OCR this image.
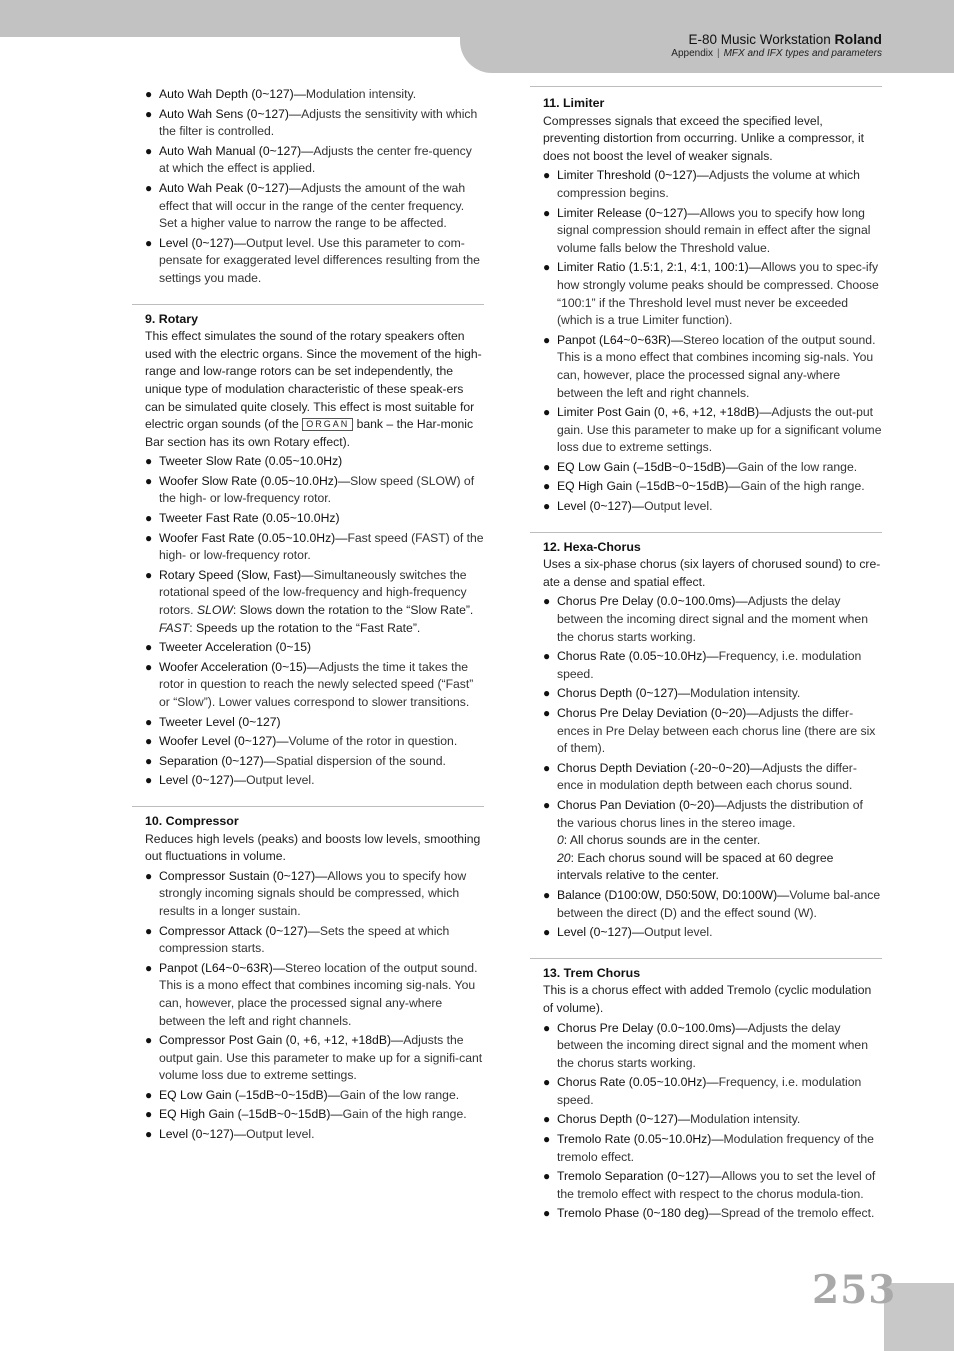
E-80 Music Workstation Roland
Appendix | MFX and IFX types and parameters
● Auto Wah Depth (0~127)—Modulation intensity.
● Auto Wah Sens (0~127)—Adjusts the sensitivity with which the filter is controlled.
● Auto Wah Manual (0~127)—Adjusts the center fre-quency at which the effect is applied.
● Auto Wah Peak (0~127)—Adjusts the amount of the wah effect that will occur in the range of the center frequency. Set a higher value to narrow the range to be affected.
● Level (0~127)—Output level. Use this parameter to com-pensate for exaggerated level differences resulting from the settings you made.
9. Rotary
This effect simulates the sound of the rotary speakers often used with the electric organs. Since the movement of the high-range and low-range rotors can be set independently, the unique type of modulation characteristic of these speak-ers can be simulated quite closely. This effect is most suitable for electric organ sounds (of the ORGAN bank – the Har-monic Bar section has its own Rotary effect).
● Tweeter Slow Rate (0.05~10.0Hz)
● Woofer Slow Rate (0.05~10.0Hz)—Slow speed (SLOW) of the high- or low-frequency rotor.
● Tweeter Fast Rate (0.05~10.0Hz)
● Woofer Fast Rate (0.05~10.0Hz)—Fast speed (FAST) of the high- or low-frequency rotor.
● Rotary Speed (Slow, Fast)—Simultaneously switches the rotational speed of the low-frequency and high-frequency rotors. SLOW: Slows down the rotation to the “Slow Rate”. FAST: Speeds up the rotation to the “Fast Rate”.
● Tweeter Acceleration (0~15)
● Woofer Acceleration (0~15)—Adjusts the time it takes the rotor in question to reach the newly selected speed (“Fast” or “Slow”). Lower values correspond to slower transitions.
● Tweeter Level (0~127)
● Woofer Level (0~127)—Volume of the rotor in question.
● Separation (0~127)—Spatial dispersion of the sound.
● Level (0~127)—Output level.
10. Compressor
Reduces high levels (peaks) and boosts low levels, smoothing out fluctuations in volume.
● Compressor Sustain (0~127)—Allows you to specify how strongly incoming signals should be compressed, which results in a longer sustain.
● Compressor Attack (0~127)—Sets the speed at which compression starts.
● Panpot (L64~0~63R)—Stereo location of the output sound. This is a mono effect that combines incoming sig-nals. You can, however, place the processed signal any-where between the left and right channels.
● Compressor Post Gain (0, +6, +12, +18dB)—Adjusts the output gain. Use this parameter to make up for a signifi-cant volume loss due to extreme settings.
● EQ Low Gain (–15dB~0~15dB)—Gain of the low range.
● EQ High Gain (–15dB~0~15dB)—Gain of the high range.
● Level (0~127)—Output level.
11. Limiter
Compresses signals that exceed the specified level, preventing distortion from occurring. Unlike a compressor, it does not boost the level of weaker signals.
● Limiter Threshold (0~127)—Adjusts the volume at which compression begins.
● Limiter Release (0~127)—Allows you to specify how long signal compression should remain in effect after the signal volume falls below the Threshold value.
● Limiter Ratio (1.5:1, 2:1, 4:1, 100:1)—Allows you to spec-ify how strongly volume peaks should be compressed. Choose “100:1” if the Threshold level must never be exceeded (which is a true Limiter function).
● Panpot (L64~0~63R)—Stereo location of the output sound. This is a mono effect that combines incoming sig-nals. You can, however, place the processed signal any-where between the left and right channels.
● Limiter Post Gain (0, +6, +12, +18dB)—Adjusts the out-put gain. Use this parameter to make up for a significant volume loss due to extreme settings.
● EQ Low Gain (–15dB~0~15dB)—Gain of the low range.
● EQ High Gain (–15dB~0~15dB)—Gain of the high range.
● Level (0~127)—Output level.
12. Hexa-Chorus
Uses a six-phase chorus (six layers of chorused sound) to cre-ate a dense and spatial effect.
● Chorus Pre Delay (0.0~100.0ms)—Adjusts the delay between the incoming direct signal and the moment when the chorus starts working.
● Chorus Rate (0.05~10.0Hz)—Frequency, i.e. modulation speed.
● Chorus Depth (0~127)—Modulation intensity.
● Chorus Pre Delay Deviation (0~20)—Adjusts the differ-ences in Pre Delay between each chorus line (there are six of them).
● Chorus Depth Deviation (-20~0~20)—Adjusts the differ-ence in modulation depth between each chorus sound.
● Chorus Pan Deviation (0~20)—Adjusts the distribution of the various chorus lines in the stereo image.
0: All chorus sounds are in the center.
20: Each chorus sound will be spaced at 60 degree intervals relative to the center.
● Balance (D100:0W, D50:50W, D0:100W)—Volume bal-ance between the direct (D) and the effect sound (W).
● Level (0~127)—Output level.
13. Trem Chorus
This is a chorus effect with added Tremolo (cyclic modulation of volume).
● Chorus Pre Delay (0.0~100.0ms)—Adjusts the delay between the incoming direct signal and the moment when the chorus starts working.
● Chorus Rate (0.05~10.0Hz)—Frequency, i.e. modulation speed.
● Chorus Depth (0~127)—Modulation intensity.
● Tremolo Rate (0.05~10.0Hz)—Modulation frequency of the tremolo effect.
● Tremolo Separation (0~127)—Allows you to set the level of the tremolo effect with respect to the chorus modula-tion.
● Tremolo Phase (0~180 deg)—Spread of the tremolo effect.
253
